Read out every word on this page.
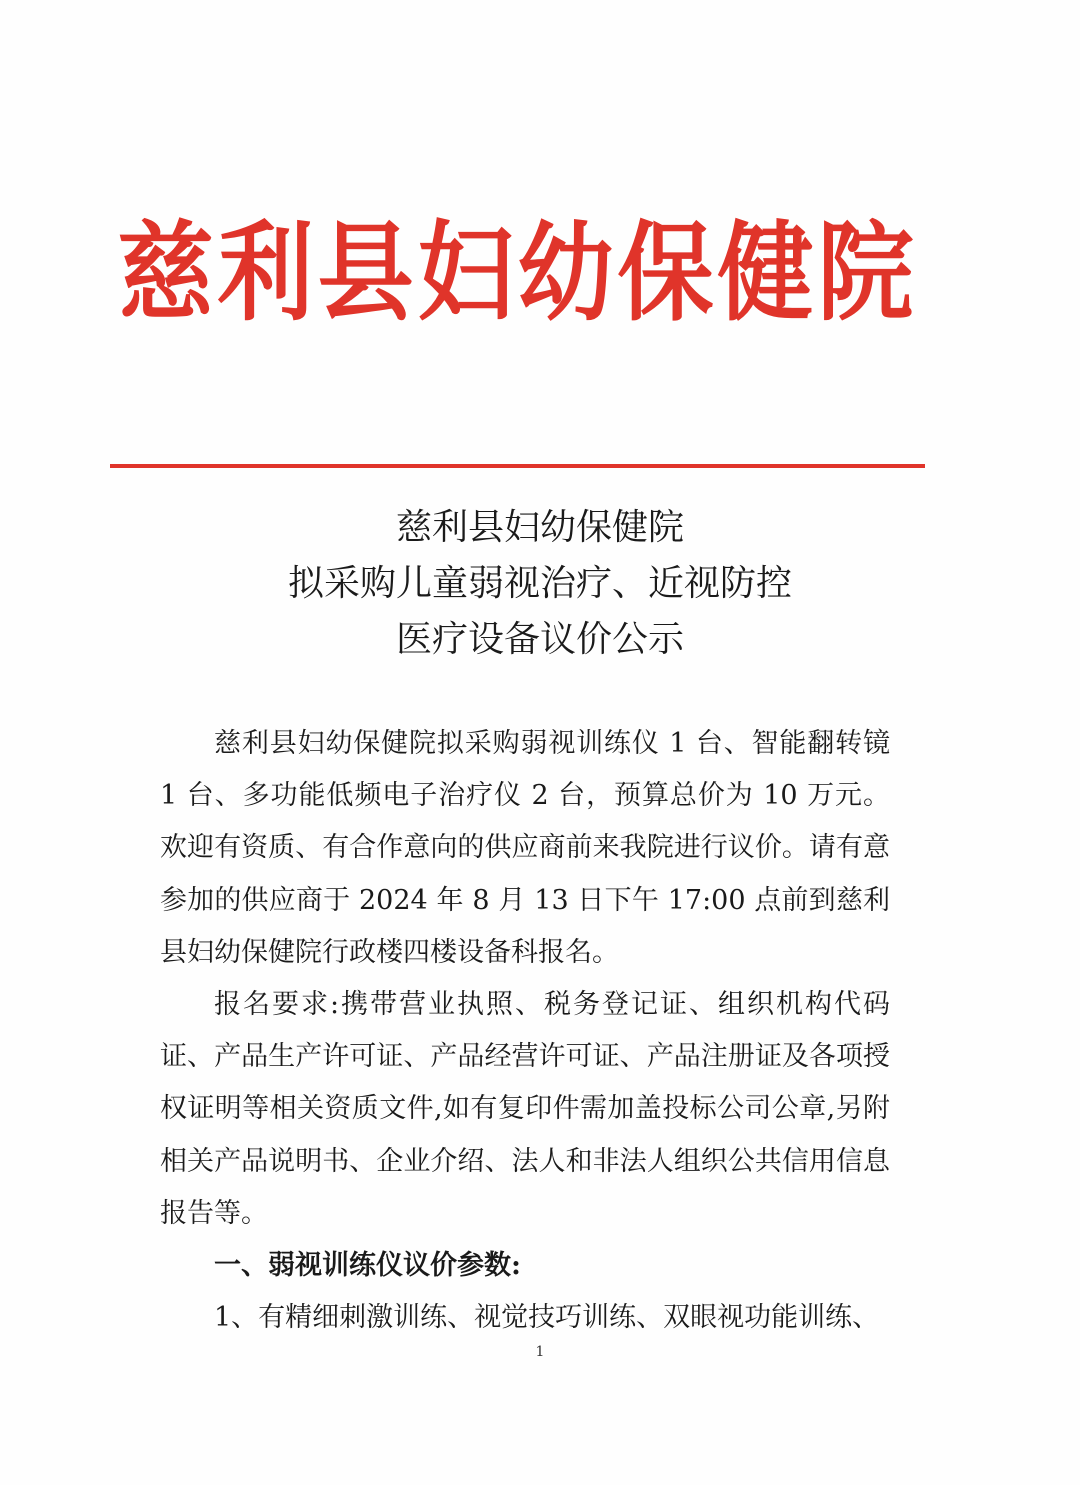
慈利县妇幼保健院
慈利县妇幼保健院
拟采购儿童弱视治疗、近视防控
医疗设备议价公示

慈利县妇幼保健院拟采购弱视训练仪 1 台、智能翻转镜 1 台、多功能低频电子治疗仪 2 台，预算总价为 10 万元。欢迎有资质、有合作意向的供应商前来我院进行议价。请有意参加的供应商于 2024 年 8 月 13 日下午 17:00 点前到慈利县妇幼保健院行政楼四楼设备科报名。

报名要求:携带营业执照、税务登记证、组织机构代码证、产品生产许可证、产品经营许可证、产品注册证及各项授权证明等相关资质文件,如有复印件需加盖投标公司公章,另附相关产品说明书、企业介绍、法人和非法人组织公共信用信息报告等。

一、弱视训练仪议价参数:

1、有精细刺激训练、视觉技巧训练、双眼视功能训练、

1
